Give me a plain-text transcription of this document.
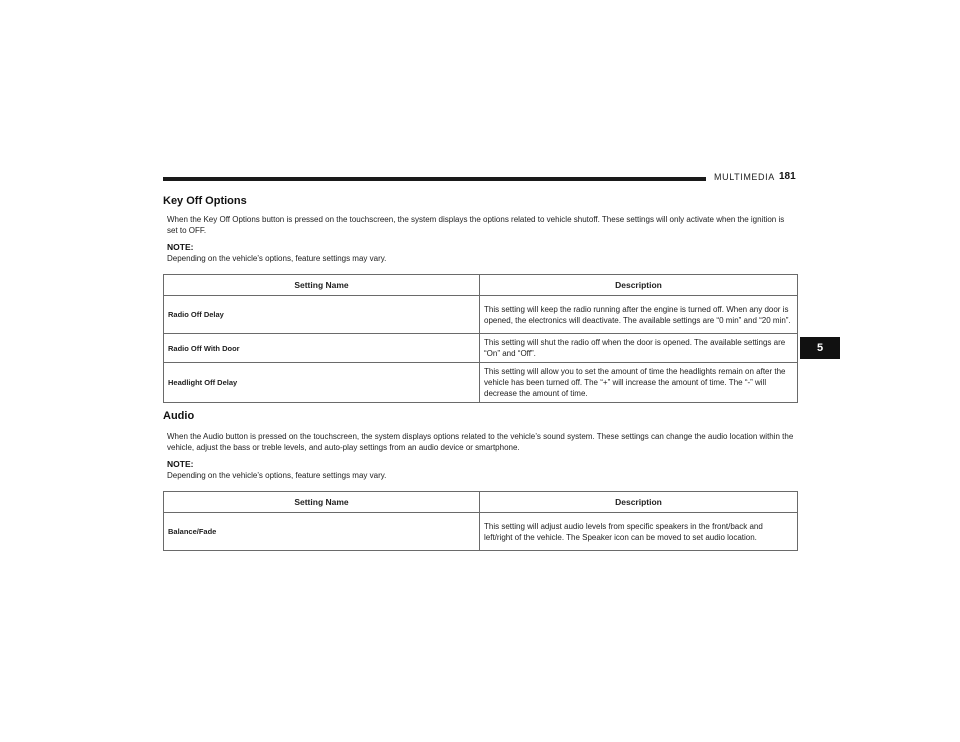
MULTIMEDIA 181
5
Key Off Options

When the Key Off Options button is pressed on the touchscreen, the system displays the options related to vehicle shutoff. These settings will only activate when the ignition is set to OFF.

NOTE:
Depending on the vehicle’s options, feature settings may vary.
Setting Name	Description
Radio Off Delay	This setting will keep the radio running after the engine is turned off. When any door is opened, the electronics will deactivate. The available settings are “0 min” and “20 min”.
Radio Off With Door	This setting will shut the radio off when the door is opened. The available settings are “On” and “Off”.
Headlight Off Delay	This setting will allow you to set the amount of time the headlights remain on after the vehicle has been turned off. The “+” will increase the amount of time. The “-” will decrease the amount of time.
Audio

When the Audio button is pressed on the touchscreen, the system displays options related to the vehicle’s sound system. These settings can change the audio location within the vehicle, adjust the bass or treble levels, and auto-play settings from an audio device or smartphone.

NOTE:
Depending on the vehicle’s options, feature settings may vary.
Setting Name	Description
Balance/Fade	This setting will adjust audio levels from specific speakers in the front/back and left/right of the vehicle. The Speaker icon can be moved to set audio location.
